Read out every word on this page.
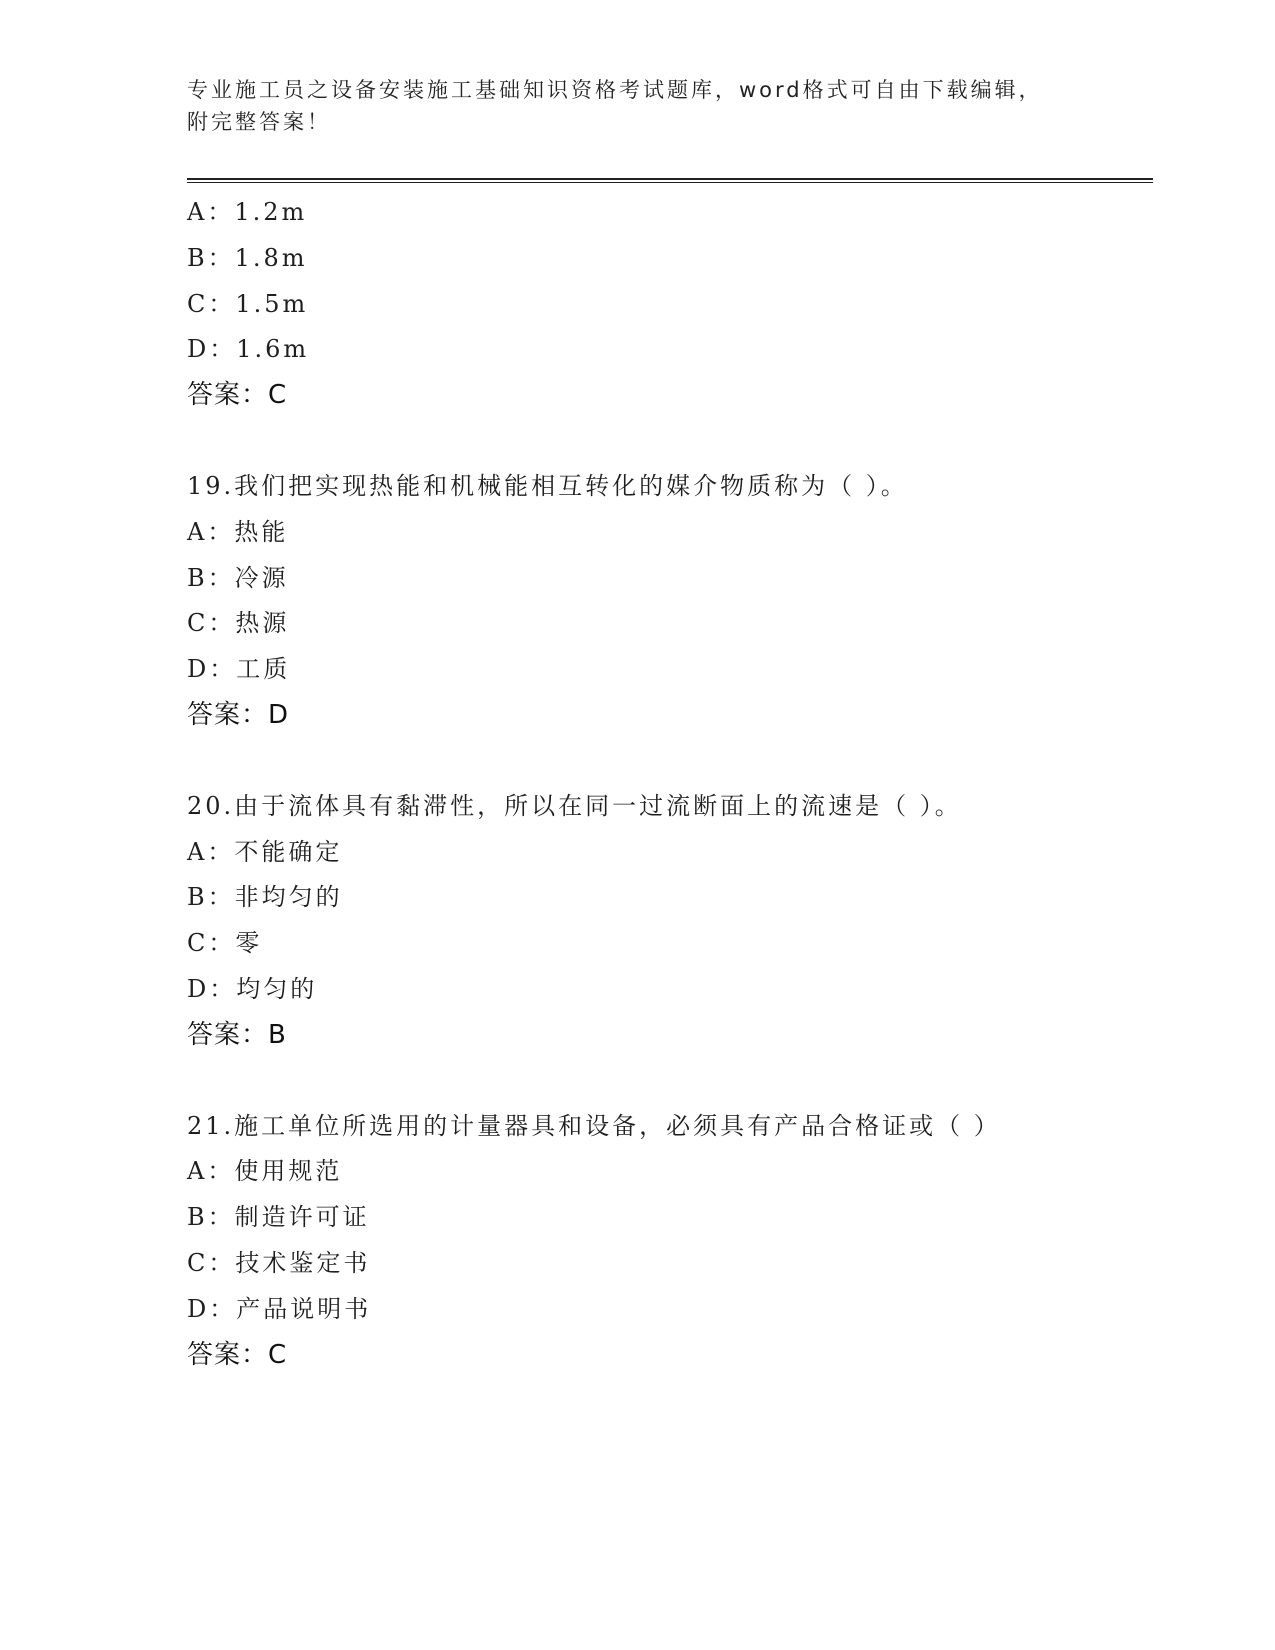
专业施工员之设备安装施工基础知识资格考试题库，word格式可自由下载编辑，
附完整答案！
A：1.2m
B：1.8m
C：1.5m
D：1.6m
答案：C
19.我们把实现热能和机械能相互转化的媒介物质称为（ ）。
A：热能
B：冷源
C：热源
D：工质
答案：D
20.由于流体具有黏滞性，所以在同一过流断面上的流速是（ ）。
A：不能确定
B：非均匀的
C：零
D：均匀的
答案：B
21.施工单位所选用的计量器具和设备，必须具有产品合格证或（ ）
A：使用规范
B：制造许可证
C：技术鉴定书
D：产品说明书
答案：C
